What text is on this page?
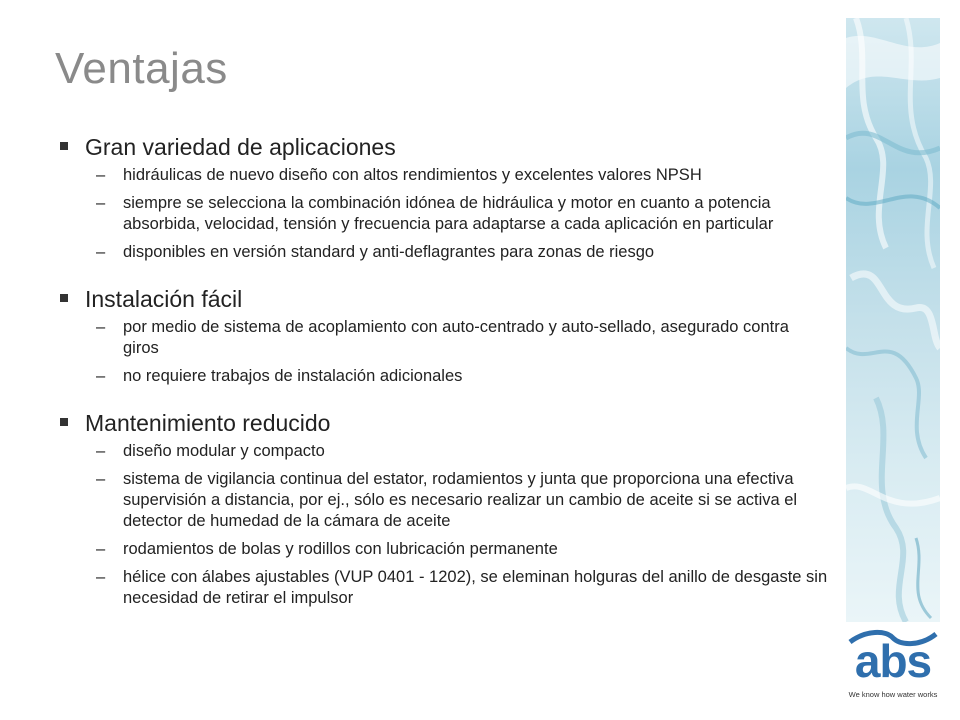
Ventajas
Gran variedad de aplicaciones
–	hidráulicas de nuevo diseño con altos rendimientos y excelentes valores NPSH
–	siempre se selecciona la combinación idónea de hidráulica y motor en cuanto a potencia absorbida, velocidad, tensión y frecuencia para adaptarse a cada aplicación en particular
–	disponibles en versión standard y anti-deflagrantes para zonas de riesgo
Instalación fácil
–	por medio de sistema de acoplamiento con auto-centrado y auto-sellado, asegurado contra giros
–	no requiere trabajos de instalación adicionales
Mantenimiento reducido
–	diseño modular y compacto
–	sistema de vigilancia continua del estator, rodamientos y junta que proporciona una efectiva supervisión a distancia, por ej., sólo es necesario realizar un cambio de aceite si se activa el detector de humedad de la cámara de aceite
–	rodamientos de bolas y rodillos con lubricación permanente
–	hélice con álabes ajustables (VUP 0401 - 1202), se eleminan holguras del anillo de desgaste sin necesidad de retirar el impulsor
abs
We know how water works
